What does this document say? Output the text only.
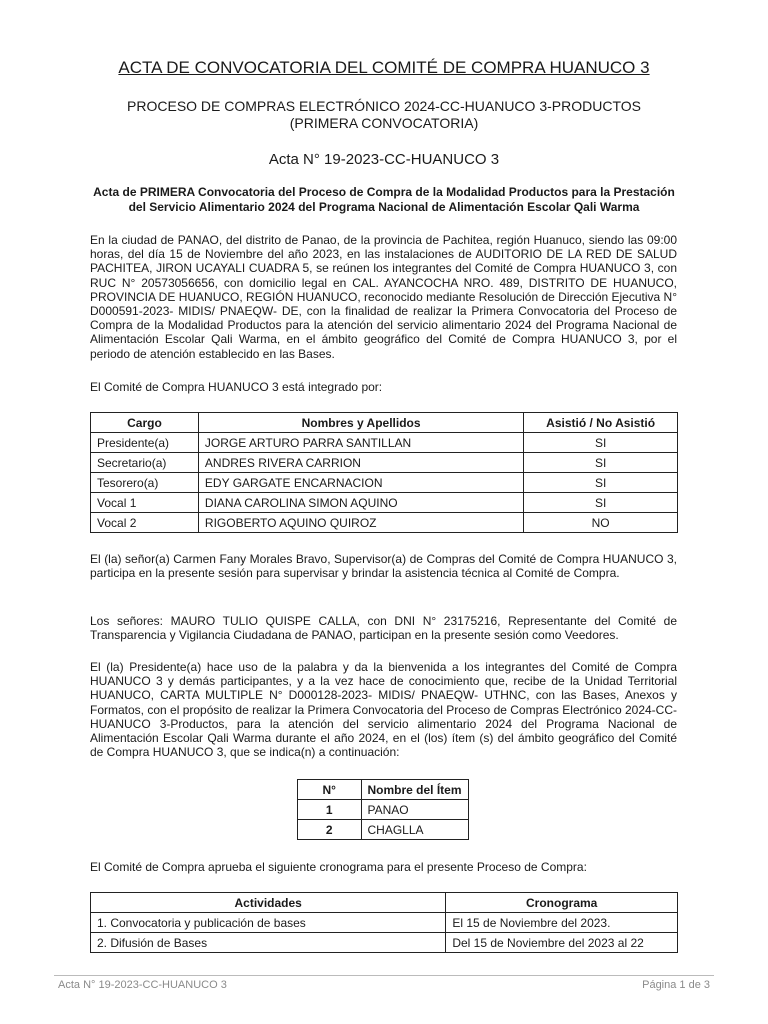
ACTA DE CONVOCATORIA DEL COMITÉ DE COMPRA HUANUCO 3
PROCESO DE COMPRAS ELECTRÓNICO 2024-CC-HUANUCO 3-PRODUCTOS
(PRIMERA CONVOCATORIA)
Acta N° 19-2023-CC-HUANUCO 3
Acta de PRIMERA Convocatoria del Proceso de Compra de la Modalidad Productos para la Prestación
del Servicio Alimentario 2024 del Programa Nacional de Alimentación Escolar Qali Warma
En la ciudad de PANAO, del distrito de Panao, de la provincia de Pachitea, región Huanuco, siendo las 09:00 horas, del día 15 de Noviembre del año 2023, en las instalaciones de AUDITORIO DE LA RED DE SALUD PACHITEA, JIRON UCAYALI CUADRA 5, se reúnen los integrantes del Comité de Compra HUANUCO 3, con RUC N° 20573056656, con domicilio legal en CAL. AYANCOCHA NRO. 489, DISTRITO DE HUANUCO, PROVINCIA DE HUANUCO, REGIÓN HUANUCO, reconocido mediante Resolución de Dirección Ejecutiva N° D000591-2023- MIDIS/ PNAEQW- DE, con la finalidad de realizar la Primera Convocatoria del Proceso de Compra de la Modalidad Productos para la atención del servicio alimentario 2024 del Programa Nacional de Alimentación Escolar Qali Warma, en el ámbito geográfico del Comité de Compra HUANUCO 3, por el periodo de atención establecido en las Bases.
El Comité de Compra HUANUCO 3 está integrado por:
Cargo	Nombres y Apellidos	Asistió / No Asistió
Presidente(a)	JORGE ARTURO PARRA SANTILLAN	SI
Secretario(a)	ANDRES RIVERA CARRION	SI
Tesorero(a)	EDY GARGATE ENCARNACION	SI
Vocal 1	DIANA CAROLINA SIMON AQUINO	SI
Vocal 2	RIGOBERTO AQUINO QUIROZ	NO
El (la) señor(a) Carmen Fany Morales Bravo, Supervisor(a) de Compras del Comité de Compra HUANUCO 3, participa en la presente sesión para supervisar y brindar la asistencia técnica al Comité de Compra.
Los señores: MAURO TULIO QUISPE CALLA, con DNI N° 23175216, Representante del Comité de Transparencia y Vigilancia Ciudadana de PANAO, participan en la presente sesión como Veedores.
El (la) Presidente(a) hace uso de la palabra y da la bienvenida a los integrantes del Comité de Compra HUANUCO 3 y demás participantes, y a la vez hace de conocimiento que, recibe de la Unidad Territorial HUANUCO, CARTA MULTIPLE N° D000128-2023- MIDIS/ PNAEQW- UTHNC, con las Bases, Anexos y Formatos, con el propósito de realizar la Primera Convocatoria del Proceso de Compras Electrónico 2024-CC-HUANUCO 3-Productos, para la atención del servicio alimentario 2024 del Programa Nacional de Alimentación Escolar Qali Warma durante el año 2024, en el (los) ítem (s) del ámbito geográfico del Comité de Compra HUANUCO 3, que se indica(n) a continuación:
N°	Nombre del Ítem
1	PANAO
2	CHAGLLA
El Comité de Compra aprueba el siguiente cronograma para el presente Proceso de Compra:
Actividades	Cronograma
1. Convocatoria y publicación de bases	El 15 de Noviembre del 2023.
2. Difusión de Bases	Del 15 de Noviembre del 2023 al 22
Acta N° 19-2023-CC-HUANUCO 3	Página 1 de 3
